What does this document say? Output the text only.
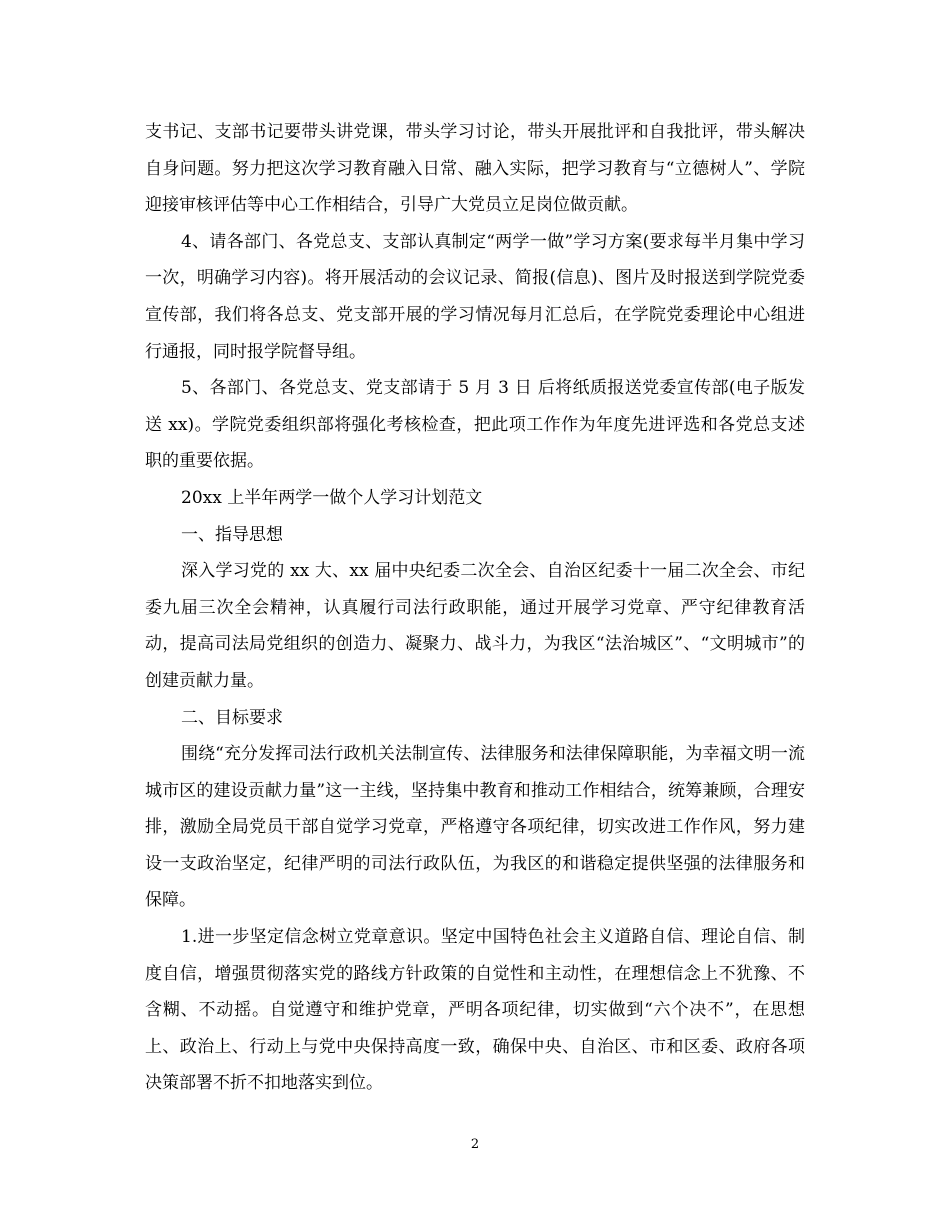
支书记、支部书记要带头讲党课，带头学习讨论，带头开展批评和自我批评，带头解决自身问题。努力把这次学习教育融入日常、融入实际，把学习教育与“立德树人”、学院迎接审核评估等中心工作相结合，引导广大党员立足岗位做贡献。

4、请各部门、各党总支、支部认真制定“两学一做”学习方案(要求每半月集中学习一次，明确学习内容)。将开展活动的会议记录、简报(信息)、图片及时报送到学院党委宣传部，我们将各总支、党支部开展的学习情况每月汇总后，在学院党委理论中心组进行通报，同时报学院督导组。

5、各部门、各党总支、党支部请于 5 月 3 日 后将纸质报送党委宣传部(电子版发送 xx)。学院党委组织部将强化考核检查，把此项工作作为年度先进评选和各党总支述职的重要依据。

20xx 上半年两学一做个人学习计划范文

一、指导思想

深入学习党的 xx 大、xx 届中央纪委二次全会、自治区纪委十一届二次全会、市纪委九届三次全会精神，认真履行司法行政职能，通过开展学习党章、严守纪律教育活动，提高司法局党组织的创造力、凝聚力、战斗力，为我区“法治城区”、“文明城市”的创建贡献力量。

二、目标要求

围绕“充分发挥司法行政机关法制宣传、法律服务和法律保障职能，为幸福文明一流城市区的建设贡献力量”这一主线，坚持集中教育和推动工作相结合，统筹兼顾，合理安排，激励全局党员干部自觉学习党章，严格遵守各项纪律，切实改进工作作风，努力建设一支政治坚定，纪律严明的司法行政队伍，为我区的和谐稳定提供坚强的法律服务和保障。

1.进一步坚定信念树立党章意识。坚定中国特色社会主义道路自信、理论自信、制度自信，增强贯彻落实党的路线方针政策的自觉性和主动性，在理想信念上不犹豫、不含糊、不动摇。自觉遵守和维护党章，严明各项纪律，切实做到“六个决不”，在思想上、政治上、行动上与党中央保持高度一致，确保中央、自治区、市和区委、政府各项决策部署不折不扣地落实到位。

2
